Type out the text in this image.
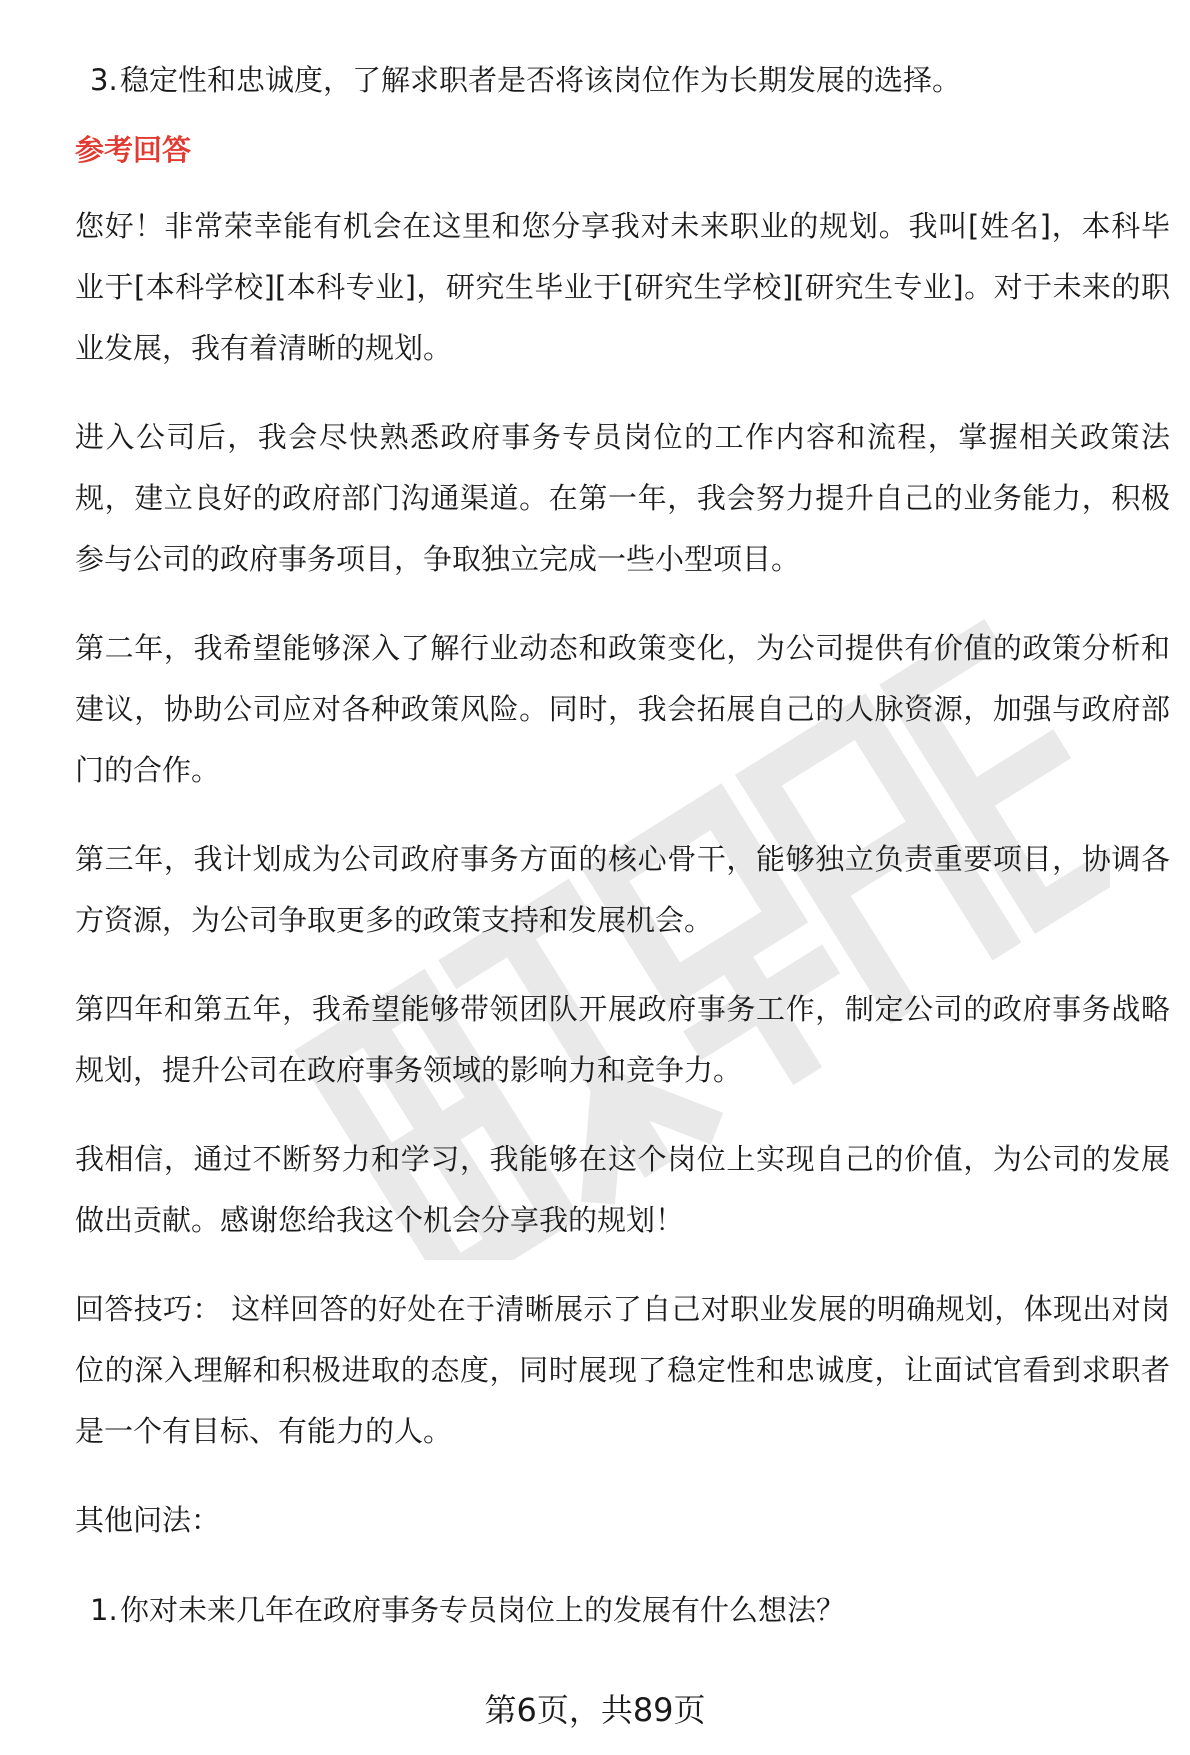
3.稳定性和忠诚度，了解求职者是否将该岗位作为长期发展的选择。

参考回答

您好！非常荣幸能有机会在这里和您分享我对未来职业的规划。我叫[姓名]，本科毕业于[本科学校][本科专业]，研究生毕业于[研究生学校][研究生专业]。对于未来的职业发展，我有着清晰的规划。

进入公司后，我会尽快熟悉政府事务专员岗位的工作内容和流程，掌握相关政策法规，建立良好的政府部门沟通渠道。在第一年，我会努力提升自己的业务能力，积极参与公司的政府事务项目，争取独立完成一些小型项目。

第二年，我希望能够深入了解行业动态和政策变化，为公司提供有价值的政策分析和建议，协助公司应对各种政策风险。同时，我会拓展自己的人脉资源，加强与政府部门的合作。

第三年，我计划成为公司政府事务方面的核心骨干，能够独立负责重要项目，协调各方资源，为公司争取更多的政策支持和发展机会。

第四年和第五年，我希望能够带领团队开展政府事务工作，制定公司的政府事务战略规划，提升公司在政府事务领域的影响力和竞争力。

我相信，通过不断努力和学习，我能够在这个岗位上实现自己的价值，为公司的发展做出贡献。感谢您给我这个机会分享我的规划！

回答技巧： 这样回答的好处在于清晰展示了自己对职业发展的明确规划，体现出对岗位的深入理解和积极进取的态度，同时展现了稳定性和忠诚度，让面试官看到求职者是一个有目标、有能力的人。

其他问法：

1.你对未来几年在政府事务专员岗位上的发展有什么想法？

第6页，共89页
